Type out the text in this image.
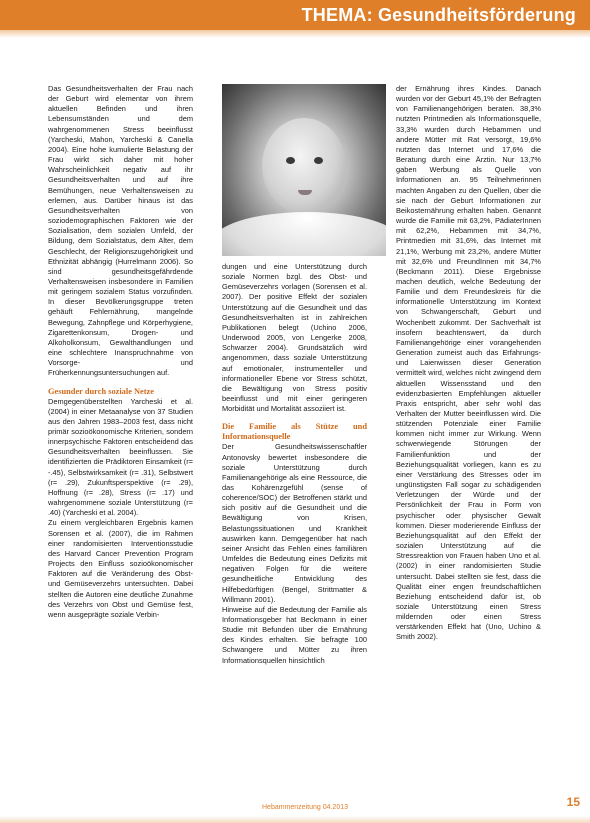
THEMA: Gesundheitsförderung

Das Gesundheitsverhalten der Frau nach der Geburt wird elementar von ihrem aktuellen Befinden und ihren Lebensumständen und dem wahrgenommenen Stress beeinflusst (Yarcheski, Mahon, Yarcheski & Canella 2004). Eine hohe kumulierte Belastung der Frau wirkt sich daher mit hoher Wahrscheinlichkeit negativ auf ihr Gesundheitsverhalten und auf ihre Bemühungen, neue Verhaltensweisen zu erlernen, aus. Darüber hinaus ist das Gesundheitsverhalten von soziodemographischen Faktoren wie der Sozialisation, dem sozialen Umfeld, der Bildung, dem Sozialstatus, dem Alter, dem Geschlecht, der Religionszugehörigkeit und Ethnizität abhängig (Hurrelmann 2006). So sind gesundheitsgefährdende Verhaltensweisen insbesondere in Familien mit geringem sozialem Status vorzufinden. In dieser Bevölkerungsgruppe treten gehäuft Fehlernährung, mangelnde Bewegung, Zahnpflege und Körperhygiene, Zigarettenkonsum, Drogen- und Alkoholkonsum, Gewalthandlungen und eine schlechtere Inanspruchnahme von Vorsorge- und Früherkennungsuntersuchungen auf.

Gesunder durch soziale Netze

Demgegenüberstellten Yarcheski et al. (2004) in einer Metaanalyse von 37 Studien aus den Jahren 1983–2003 fest, dass nicht primär sozioökonomische Kriterien, sondern innerpsychische Faktoren entscheidend das Gesundheitsverhalten beeinflussen. Sie identifizierten die Prädiktoren Einsamkeit (r= -.45), Selbstwirksamkeit (r= .31), Selbstwert (r= .29), Zukunftsperspektive (r= .29), Hoffnung (r= .28), Stress (r= .17) und wahrgenommene soziale Unterstützung (r= .40) (Yarcheski et al. 2004).

Zu einem vergleichbaren Ergebnis kamen Sorensen et al. (2007), die im Rahmen einer randomisierten Interventionsstudie des Harvard Cancer Prevention Program Projects den Einfluss sozioökonomischer Faktoren auf die Veränderung des Obst- und Gemüseverzehrs untersuchten. Dabei stellten die Autoren eine deutliche Zunahme des Verzehrs von Obst und Gemüse fest, wenn ausgeprägte soziale Verbin-

dungen und eine Unterstützung durch soziale Normen bzgl. des Obst- und Gemüseverzehrs vorlagen (Sorensen et al. 2007). Der positive Effekt der sozialen Unterstützung auf die Gesundheit und das Gesundheitsverhalten ist in zahlreichen Publikationen belegt (Uchino 2006, Underwood 2005, von Lengerke 2008, Schwarzer 2004). Grundsätzlich wird angenommen, dass soziale Unterstützung auf emotionaler, instrumenteller und informationeller Ebene vor Stress schützt, die Bewältigung von Stress positiv beeinflusst und mit einer geringeren Morbidität und Mortalität assoziiert ist.

Die Familie als Stütze und Informationsquelle

Der Gesundheitswissenschaftler Antonovsky bewertet insbesondere die soziale Unterstützung durch Familienangehörige als eine Ressource, die das Kohärenzgefühl (sense of coherence/SOC) der Betroffenen stärkt und sich positiv auf die Gesundheit und die Bewältigung von Krisen, Belastungssituationen und Krankheit auswirken kann. Demgegenüber hat nach seiner Ansicht das Fehlen eines familiären Umfeldes die Bedeutung eines Defizits mit negativen Folgen für die weitere gesundheitliche Entwicklung des Hilfebedürftigen (Bengel, Strittmatter & Willmann 2001).

Hinweise auf die Bedeutung der Familie als Informationsgeber hat Beckmann in einer Studie mit Befunden über die Ernährung des Kindes erhalten. Sie befragte 100 Schwangere und Mütter zu ihren Informationsquellen hinsichtlich

der Ernährung ihres Kindes. Danach wurden vor der Geburt 45,1% der Befragten von Familienangehörigen beraten. 38,3% nutzten Printmedien als Informationsquelle, 33,3% wurden durch Hebammen und andere Mütter mit Rat versorgt, 19,6% nutzten das Internet und 17,6% die Beratung durch eine Ärztin. Nur 13,7% gaben Werbung als Quelle von Informationen an. 95 Teilnehmerinnen machten Angaben zu den Quellen, über die sie nach der Geburt Informationen zur Beikosternährung erhalten haben. Genannt wurde die Familie mit 63,2%, PädiaterInnen mit 62,2%, Hebammen mit 34,7%, Printmedien mit 31,6%, das Internet mit 21,1%, Werbung mit 23,2%, andere Mütter mit 32,6% und FreundInnen mit 34,7% (Beckmann 2011). Diese Ergebnisse machen deutlich, welche Bedeutung der Familie und dem Freundeskreis für die informationelle Unterstützung im Kontext von Schwangerschaft, Geburt und Wochenbett zukommt. Der Sachverhalt ist insofern beachtenswert, da durch Familienangehörige einer vorangehenden Generation zumeist auch das Erfahrungs- und Laienwissen dieser Generation vermittelt wird, welches nicht zwingend dem aktuellen Wissensstand und den evidenzbasierten Empfehlungen aktueller Praxis entspricht, aber sehr wohl das Verhalten der Mutter beeinflussen wird. Die stützenden Potenziale einer Familie kommen nicht immer zur Wirkung. Wenn schwerwiegende Störungen der Familienfunktion und der Beziehungsqualität vorliegen, kann es zu einer Verstärkung des Stresses oder im ungünstigsten Fall sogar zu schädigenden Verletzungen der Würde und der Persönlichkeit der Frau in Form von psychischer oder physischer Gewalt kommen. Dieser moderierende Einfluss der Beziehungsqualität auf den Effekt der sozialen Unterstützung auf die Stressreaktion von Frauen haben Uno et al. (2002) in einer randomisierten Studie untersucht. Dabei stellten sie fest, dass die Qualität einer engen freundschaftlichen Beziehung entscheidend dafür ist, ob soziale Unterstützung einen Stress mildernden oder einen Stress verstärkenden Effekt hat (Uno, Uchino & Smith 2002).

Hebammenzeitung 04.2013	15
